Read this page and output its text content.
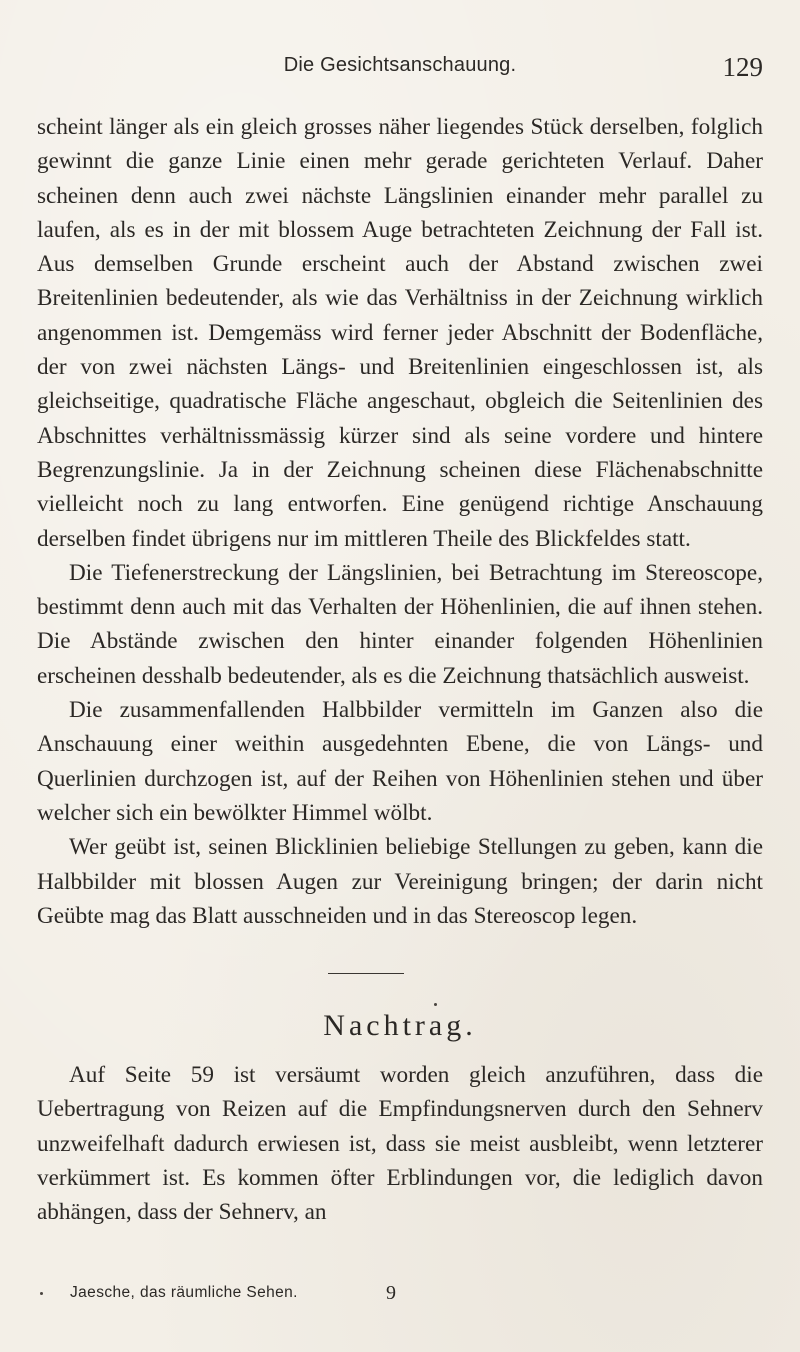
Die Gesichtsanschauung.	129

scheint länger als ein gleich grosses näher liegendes Stück derselben, folglich gewinnt die ganze Linie einen mehr gerade gerichteten Verlauf. Daher scheinen denn auch zwei nächste Längslinien einander mehr parallel zu laufen, als es in der mit blossem Auge betrachteten Zeichnung der Fall ist. Aus demselben Grunde erscheint auch der Abstand zwischen zwei Breitenlinien bedeutender, als wie das Verhältniss in der Zeichnung wirklich angenommen ist. Demgemäss wird ferner jeder Abschnitt der Bodenfläche, der von zwei nächsten Längs- und Breitenlinien eingeschlossen ist, als gleichseitige, quadratische Fläche angeschaut, obgleich die Seitenlinien des Abschnittes verhältnissmässig kürzer sind als seine vordere und hintere Begrenzungslinie. Ja in der Zeichnung scheinen diese Flächenabschnitte vielleicht noch zu lang entworfen. Eine genügend richtige Anschauung derselben findet übrigens nur im mittleren Theile des Blickfeldes statt.

Die Tiefenerstreckung der Längslinien, bei Betrachtung im Stereoscope, bestimmt denn auch mit das Verhalten der Höhenlinien, die auf ihnen stehen. Die Abstände zwischen den hinter einander folgenden Höhenlinien erscheinen desshalb bedeutender, als es die Zeichnung thatsächlich ausweist.

Die zusammenfallenden Halbbilder vermitteln im Ganzen also die Anschauung einer weithin ausgedehnten Ebene, die von Längs- und Querlinien durchzogen ist, auf der Reihen von Höhenlinien stehen und über welcher sich ein bewölkter Himmel wölbt.

Wer geübt ist, seinen Blicklinien beliebige Stellungen zu geben, kann die Halbbilder mit blossen Augen zur Vereinigung bringen; der darin nicht Geübte mag das Blatt ausschneiden und in das Stereoscop legen.

Nachtrag.

Auf Seite 59 ist versäumt worden gleich anzuführen, dass die Uebertragung von Reizen auf die Empfindungsnerven durch den Sehnerv unzweifelhaft dadurch erwiesen ist, dass sie meist ausbleibt, wenn letzterer verkümmert ist. Es kommen öfter Erblindungen vor, die lediglich davon abhängen, dass der Sehnerv, an

Jaesche, das räumliche Sehen.	9
